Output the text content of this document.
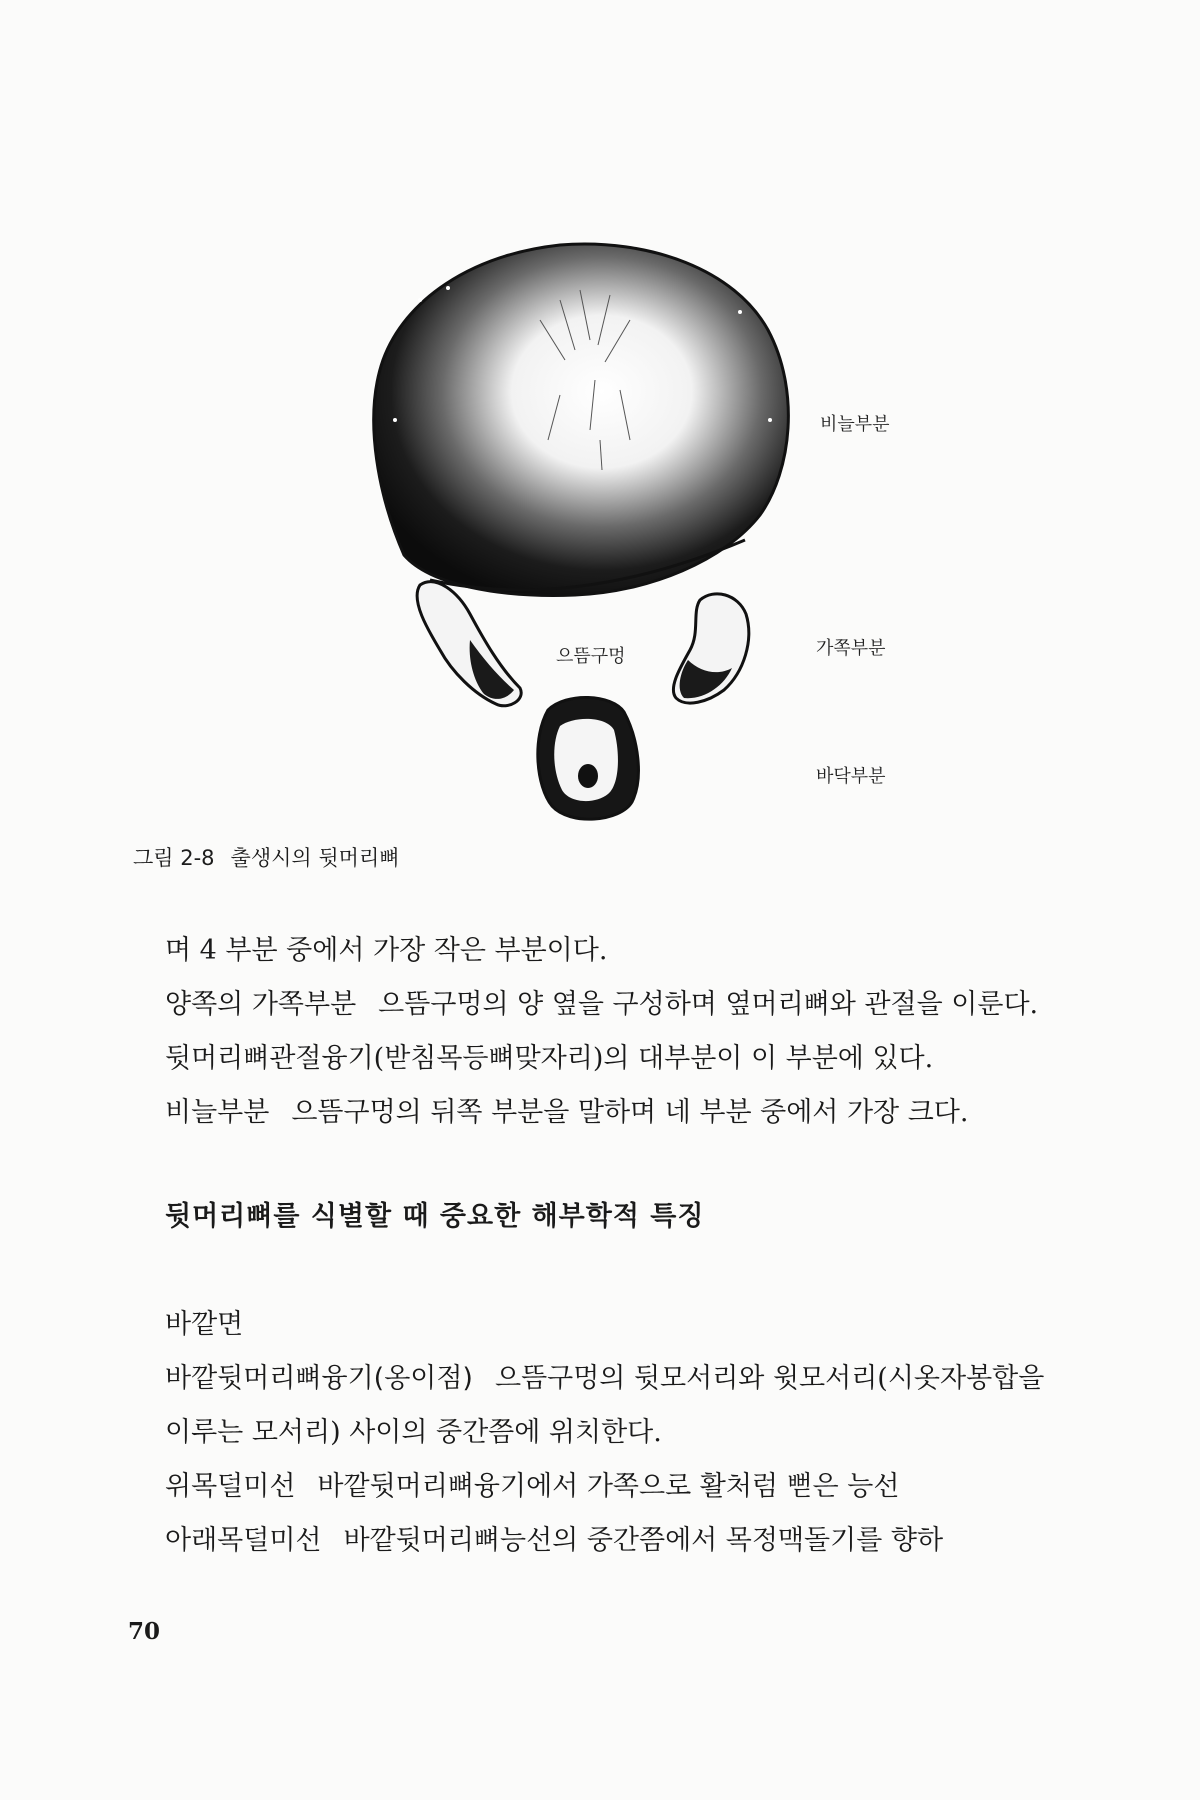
비늘부분
가쪽부분
바닥부분
으뜸구멍
그림 2-8 출생시의 뒷머리뼈

며 4 부분 중에서 가장 작은 부분이다.

양쪽의 가쪽부분 으뜸구멍의 양 옆을 구성하며 옆머리뼈와 관절을 이룬다. 뒷머리뼈관절융기(받침목등뼈맞자리)의 대부분이 이 부분에 있다.

비늘부분 으뜸구멍의 뒤쪽 부분을 말하며 네 부분 중에서 가장 크다.

뒷머리뼈를 식별할 때 중요한 해부학적 특징

바깥면

바깥뒷머리뼈융기(옹이점) 으뜸구멍의 뒷모서리와 윗모서리(시옷자봉합을 이루는 모서리) 사이의 중간쯤에 위치한다.

위목덜미선 바깥뒷머리뼈융기에서 가쪽으로 활처럼 뻗은 능선

아래목덜미선 바깥뒷머리뼈능선의 중간쯤에서 목정맥돌기를 향하

70
